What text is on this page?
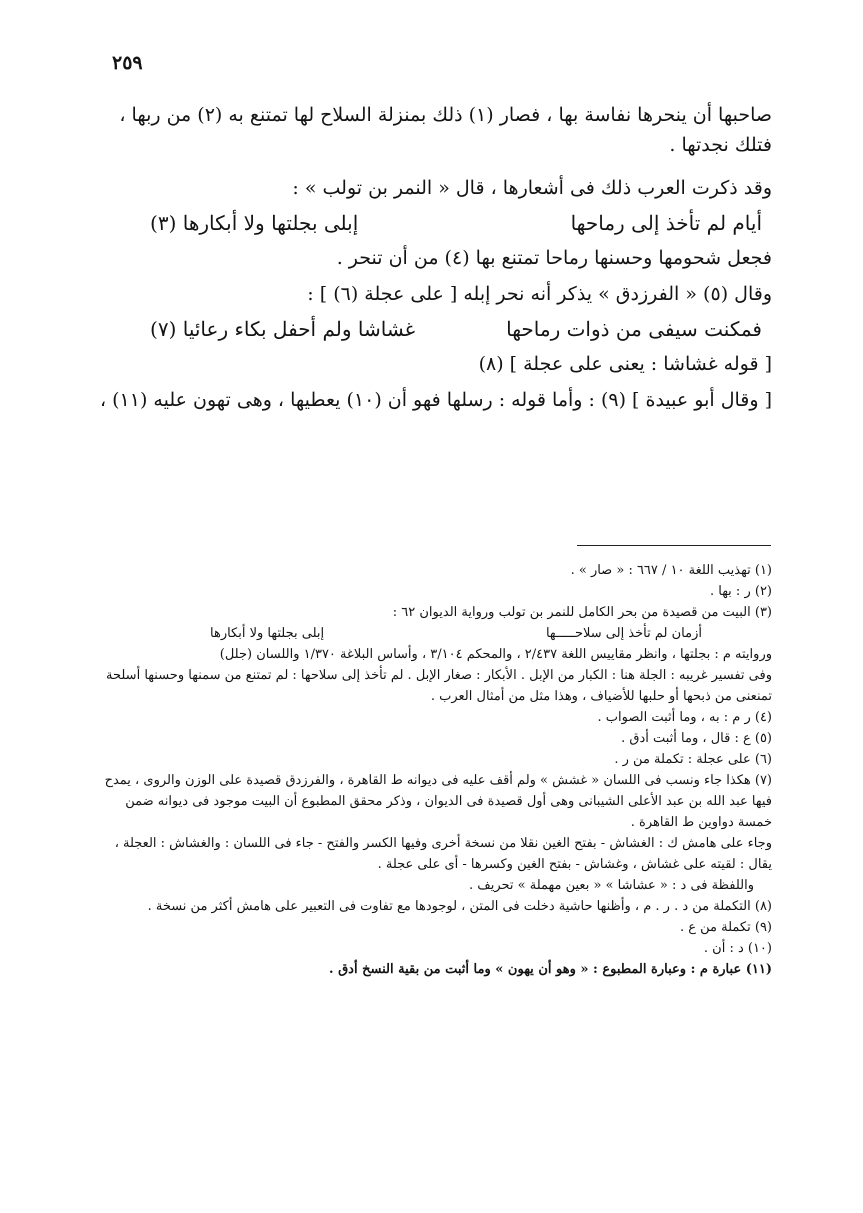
٢٥٩

صاحبها أن ينحرها نفاسة بها ، فصار (١) ذلك بمنزلة السلاح لها تمتنع به (٢) من ربها ، فتلك نجدتها .

وقد ذكرت العرب ذلك فى أشعارها ، قال « النمر بن تولب » :
أيام لم تأخذ إلى رماحها
إبلى بجلتها ولا أبكارها (٣)
فجعل شحومها وحسنها رماحا تمتنع بها (٤) من أن تنحر .
وقال (٥) « الفرزدق » يذكر أنه نحر إبله [ على عجلة (٦) ] :
فمكنت سيفى من ذوات رماحها
غشاشا ولم أحفل بكاء رعائيا (٧)
[ قوله غشاشا : يعنى على عجلة ] (٨)
[ وقال أبو عبيدة ] (٩) : وأما قوله : رسلها فهو أن (١٠) يعطيها ، وهى تهون عليه (١١) ،
(١) تهذيب اللغة ١٠ / ٦٦٧ : « صار » .
(٢) ر : بها .
(٣) البيت من قصيدة من بحر الكامل للنمر بن تولب ورواية الديوان ٦٢ :
أزمان لم تأخذ إلى سلاحـــــها
إبلى بجلتها ولا أبكارها
وروايته م : بجلتها ، وانظر مقاييس اللغة ٢/٤٣٧ ، والمحكم ٣/١٠٤ ، وأساس البلاغة ١/٣٧٠ واللسان (جلل)
وفى تفسير غريبه : الجلة هنا : الكبار من الإبل . الأبكار : صغار الإبل . لم تأخذ إلى سلاحها : لم تمتنع من سمنها وحسنها أسلحة تمنعنى من ذبحها أو حلبها للأضياف ، وهذا مثل من أمثال العرب .
(٤) ر م : به ، وما أثبت الصواب .
(٥) ع : قال ، وما أثبت أدق .
(٦) على عجلة : تكملة من ر .
(٧) هكذا جاء ونسب فى اللسان « غشش » ولم أقف عليه فى ديوانه ط القاهرة ، والفرزدق قصيدة على الوزن والروى ، يمدح فيها عبد الله بن عبد الأعلى الشيبانى وهى أول قصيدة فى الديوان ، وذكر محقق المطبوع أن البيت موجود فى ديوانه ضمن خمسة دواوين ط القاهرة .
وجاء على هامش ك : الغشاش - بفتح الغين نقلا من نسخة أخرى وفيها الكسر والفتح - جاء فى اللسان : والغشاش : العجلة ، يقال : لقيته على غشاش ، وغشاش - بفتح الغين وكسرها - أى على عجلة .
واللفظة فى د : « عشاشا » « بعين مهملة » تحريف .
(٨) التكملة من د . ر . م ، وأظنها حاشية دخلت فى المتن ، لوجودها مع تفاوت فى التعبير على هامش أكثر من نسخة .
(٩) تكملة من ع .
(١٠) د : أن .
(١١) عبارة م : وعبارة المطبوع : « وهو أن يهون » وما أثبت من بقية النسخ أدق .
